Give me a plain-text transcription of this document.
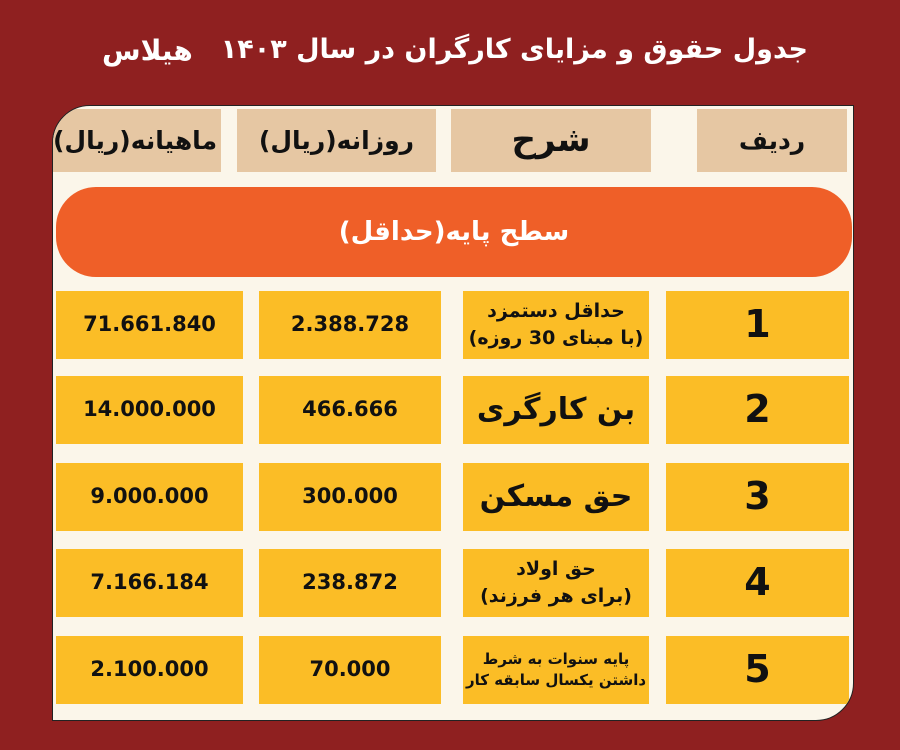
هیلاس جدول حقوق و مزایای کارگران در سال ۱۴۰۳
ردیف
شرح
روزانه(ریال)
ماهیانه(ریال)
سطح پایه(حداقل)
1
حداقل دستمزد
(با مبنای 30 روزه)
2.388.728
71.661.840
2
بن کارگری
466.666
14.000.000
3
حق مسکن
300.000
9.000.000
4
حق اولاد
(برای هر فرزند)
238.872
7.166.184
5
پایه سنوات به شرط
داشتن یکسال سابقه کار
70.000
2.100.000
